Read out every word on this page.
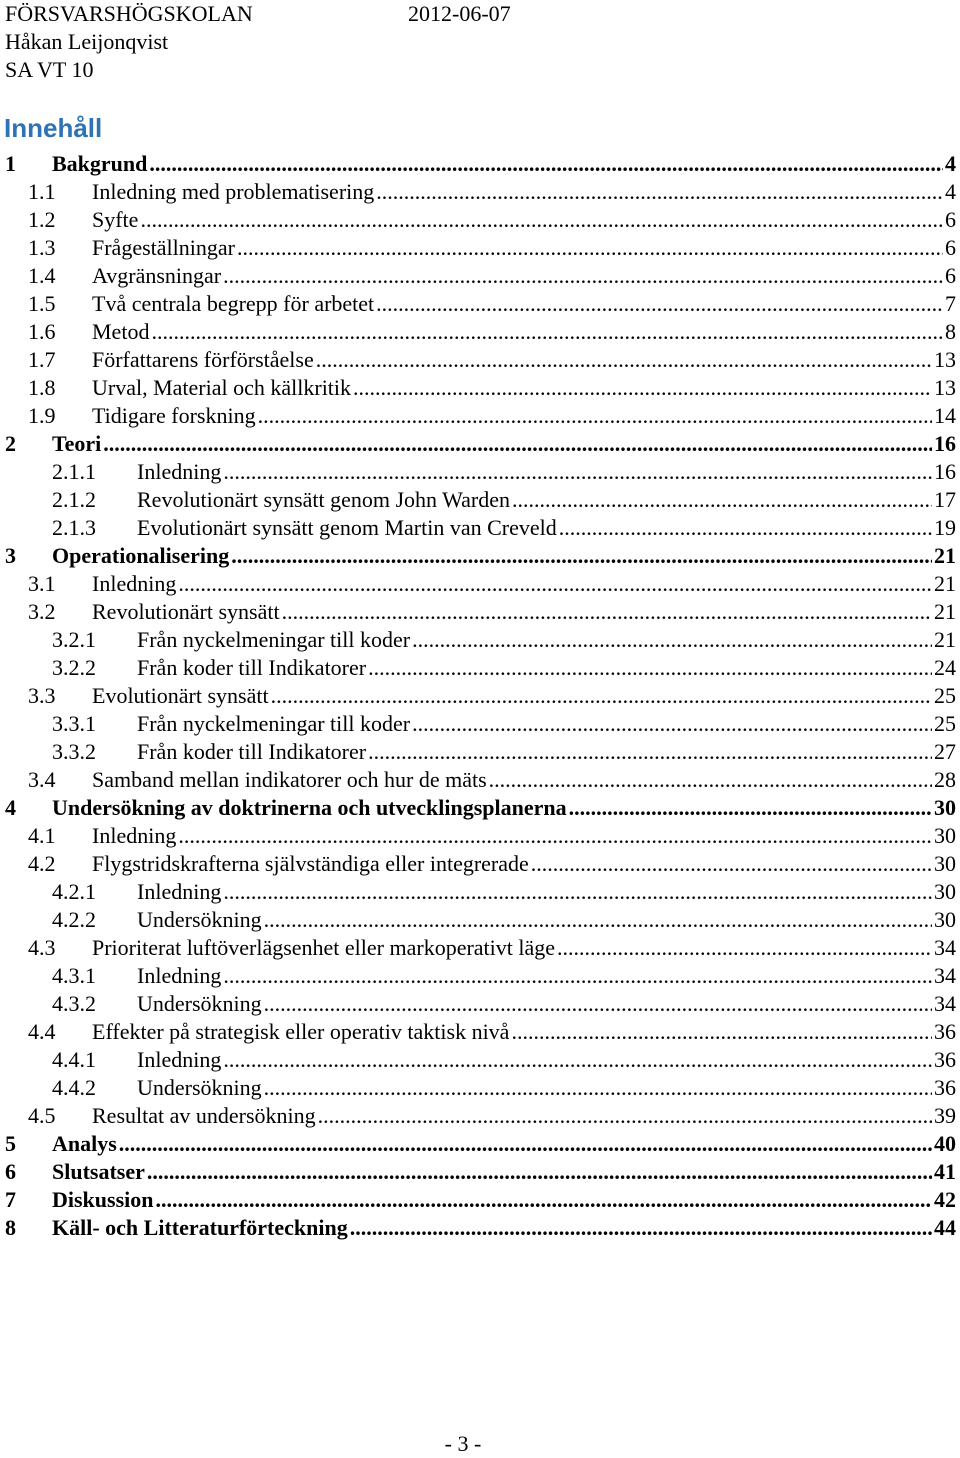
FÖRSVARSHÖGSKOLAN	2012-06-07
Håkan Leijonqvist
SA VT 10
Innehåll
1	Bakgrund .....	4
1.1	Inledning med problematisering .....	4
1.2	Syfte .....	6
1.3	Frågeställningar .....	6
1.4	Avgränsningar .....	6
1.5	Två centrala begrepp för arbetet .....	7
1.6	Metod .....	8
1.7	Författarens förförståelse .....	13
1.8	Urval, Material och källkritik .....	13
1.9	Tidigare forskning .....	14
2	Teori .....	16
2.1.1	Inledning .....	16
2.1.2	Revolutionärt synsätt genom John Warden .....	17
2.1.3	Evolutionärt synsätt genom Martin van Creveld .....	19
3	Operationalisering .....	21
3.1	Inledning .....	21
3.2	Revolutionärt synsätt .....	21
3.2.1	Från nyckelmeningar till koder .....	21
3.2.2	Från koder till Indikatorer .....	24
3.3	Evolutionärt synsätt .....	25
3.3.1	Från nyckelmeningar till koder .....	25
3.3.2	Från koder till Indikatorer .....	27
3.4	Samband mellan indikatorer och hur de mäts .....	28
4	Undersökning av doktrinerna och utvecklingsplanerna .....	30
4.1	Inledning .....	30
4.2	Flygstridskrafterna självständiga eller integrerade .....	30
4.2.1	Inledning .....	30
4.2.2	Undersökning .....	30
4.3	Prioriterat luftöverlägsenhet eller markoperativt läge .....	34
4.3.1	Inledning .....	34
4.3.2	Undersökning .....	34
4.4	Effekter på strategisk eller operativ taktisk nivå .....	36
4.4.1	Inledning .....	36
4.4.2	Undersökning .....	36
4.5	Resultat av undersökning .....	39
5	Analys .....	40
6	Slutsatser .....	41
7	Diskussion .....	42
8	Käll- och Litteraturförteckning .....	44
- 3 -
